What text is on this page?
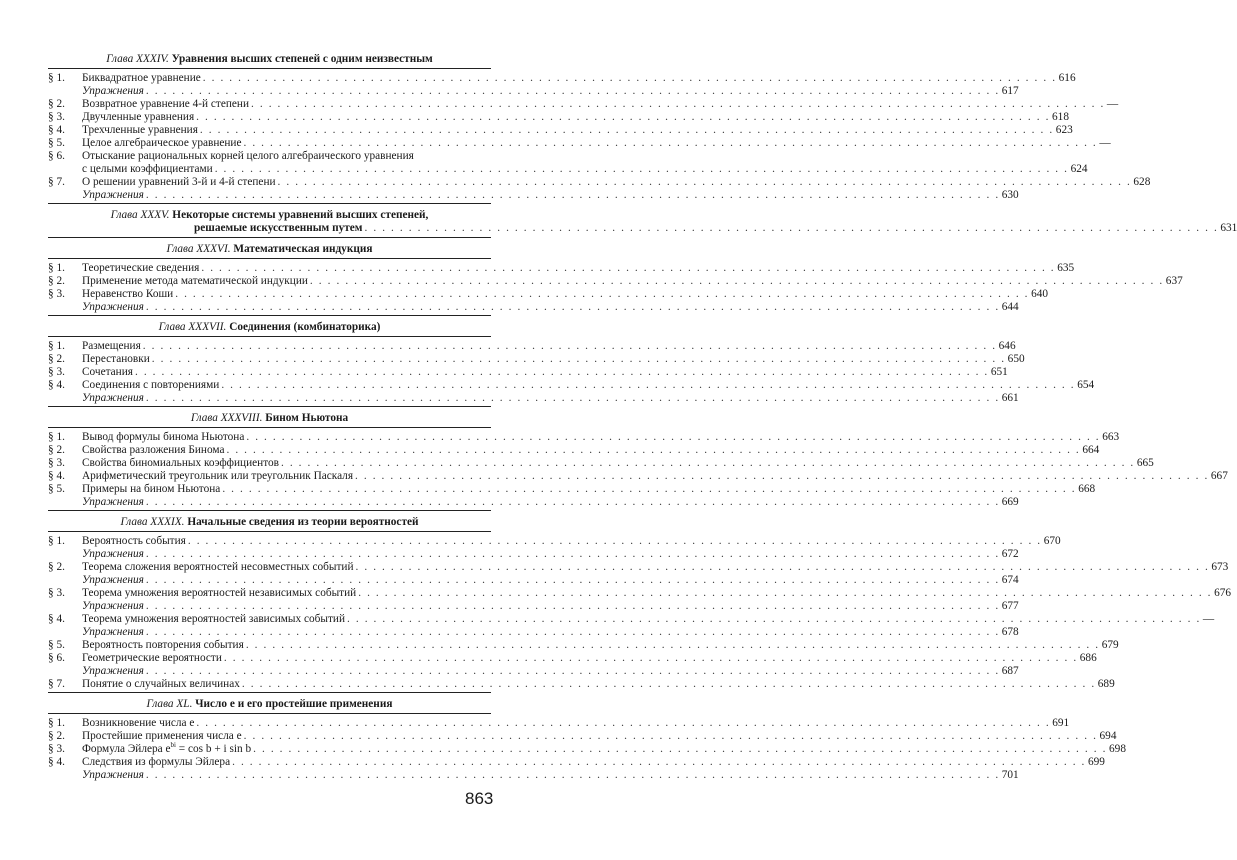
Глава XXXIV. Уравнения высших степеней с одним неизвестным
§ 1.	Биквадратное уравнение . . .	616
Упражнения . . .	617
§ 2.	Возвратное уравнение 4-й степени . . .	—
§ 3.	Двучленные уравнения . . .	618
§ 4.	Трехчленные уравнения . . .	623
§ 5.	Целое алгебраическое уравнение . . .	—
§ 6.	Отыскание рациональных корней целого алгебраического уравнения
с целыми коэффициентами . . .	624
§ 7.	О решении уравнений 3-й и 4-й степени . . .	628
Упражнения . . .	630
Глава XXXV. Некоторые системы уравнений высших степеней,
решаемые искусственным путем . . .	631
Глава XXXVI. Математическая индукция
§ 1.	Теоретические сведения . . .	635
§ 2.	Применение метода математической индукции . . .	637
§ 3.	Неравенство Коши . . .	640
Упражнения . . .	644
Глава XXXVII. Соединения (комбинаторика)
§ 1.	Размещения . . .	646
§ 2.	Перестановки . . .	650
§ 3.	Сочетания . . .	651
§ 4.	Соединения с повторениями . . .	654
Упражнения . . .	661
Глава XXXVIII. Бином Ньютона
§ 1.	Вывод формулы бинома Ньютона . . .	663
§ 2.	Свойства разложения Бинома . . .	664
§ 3.	Свойства биномиальных коэффициентов . . .	665
§ 4.	Арифметический треугольник или треугольник Паскаля . . .	667
§ 5.	Примеры на бином Ньютона . . .	668
Упражнения . . .	669
Глава XXXIX. Начальные сведения из теории вероятностей
§ 1.	Вероятность события . . .	670
Упражнения . . .	672
§ 2.	Теорема сложения вероятностей несовместных событий . . .	673
Упражнения . . .	674
§ 3.	Теорема умножения вероятностей независимых событий . . .	676
Упражнения . . .	677
§ 4.	Теорема умножения вероятностей зависимых событий . . .	—
Упражнения . . .	678
§ 5.	Вероятность повторения события . . .	679
§ 6.	Геометрические вероятности . . .	686
Упражнения . . .	687
§ 7.	Понятие о случайных величинах . . .	689
Глава XL. Число e и его простейшие применения
§ 1.	Возникновение числа e . . .	691
§ 2.	Простейшие применения числа e . . .	694
§ 3.	Формула Эйлера $e^{bi} = \cos b + i$ sin b . . .	698
§ 4.	Следствия из формулы Эйлера . . .	699
Упражнения . . .	701
863
